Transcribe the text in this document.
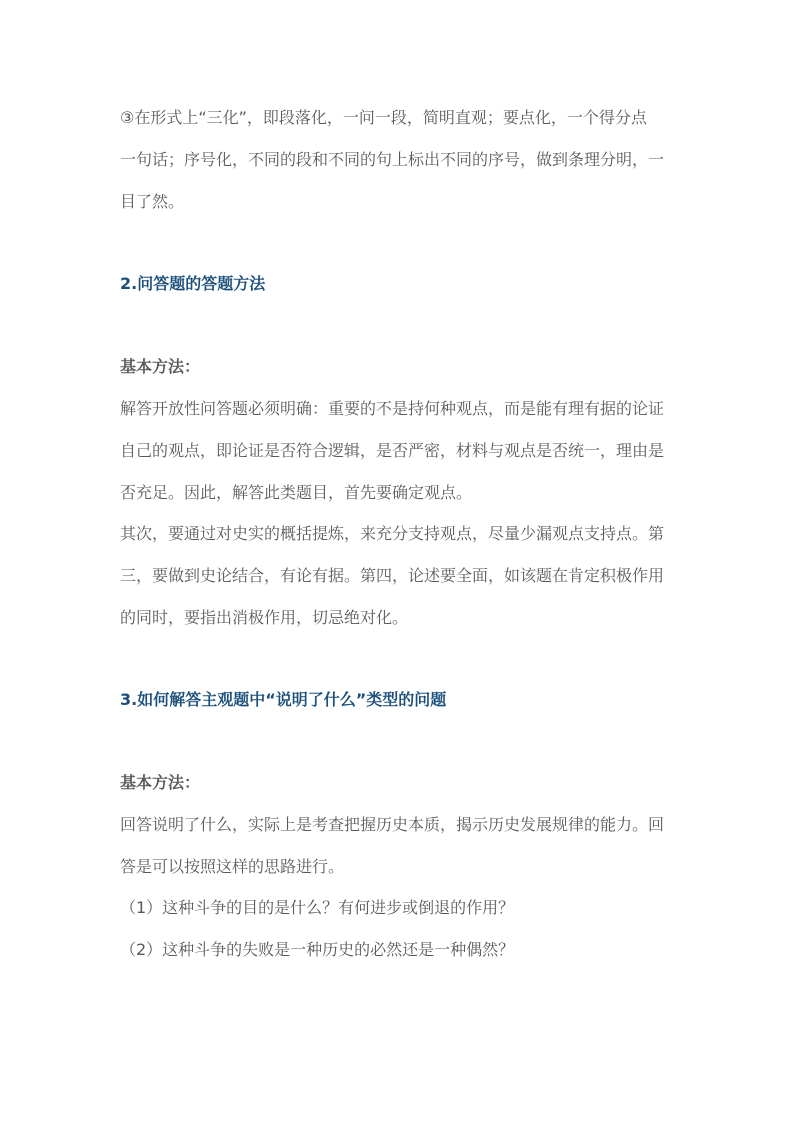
③在形式上“三化”，即段落化，一问一段，简明直观；要点化，一个得分点
一句话；序号化，不同的段和不同的句上标出不同的序号，做到条理分明，一
目了然。
2.问答题的答题方法
基本方法：
解答开放性问答题必须明确：重要的不是持何种观点，而是能有理有据的论证
自己的观点，即论证是否符合逻辑，是否严密，材料与观点是否统一，理由是
否充足。因此，解答此类题目，首先要确定观点。
其次，要通过对史实的概括提炼，来充分支持观点，尽量少漏观点支持点。第
三，要做到史论结合，有论有据。第四，论述要全面，如该题在肯定积极作用
的同时，要指出消极作用，切忌绝对化。
3.如何解答主观题中“说明了什么”类型的问题
基本方法：
回答说明了什么，实际上是考查把握历史本质，揭示历史发展规律的能力。回
答是可以按照这样的思路进行。
（1）这种斗争的目的是什么？有何进步或倒退的作用？
（2）这种斗争的失败是一种历史的必然还是一种偶然？
